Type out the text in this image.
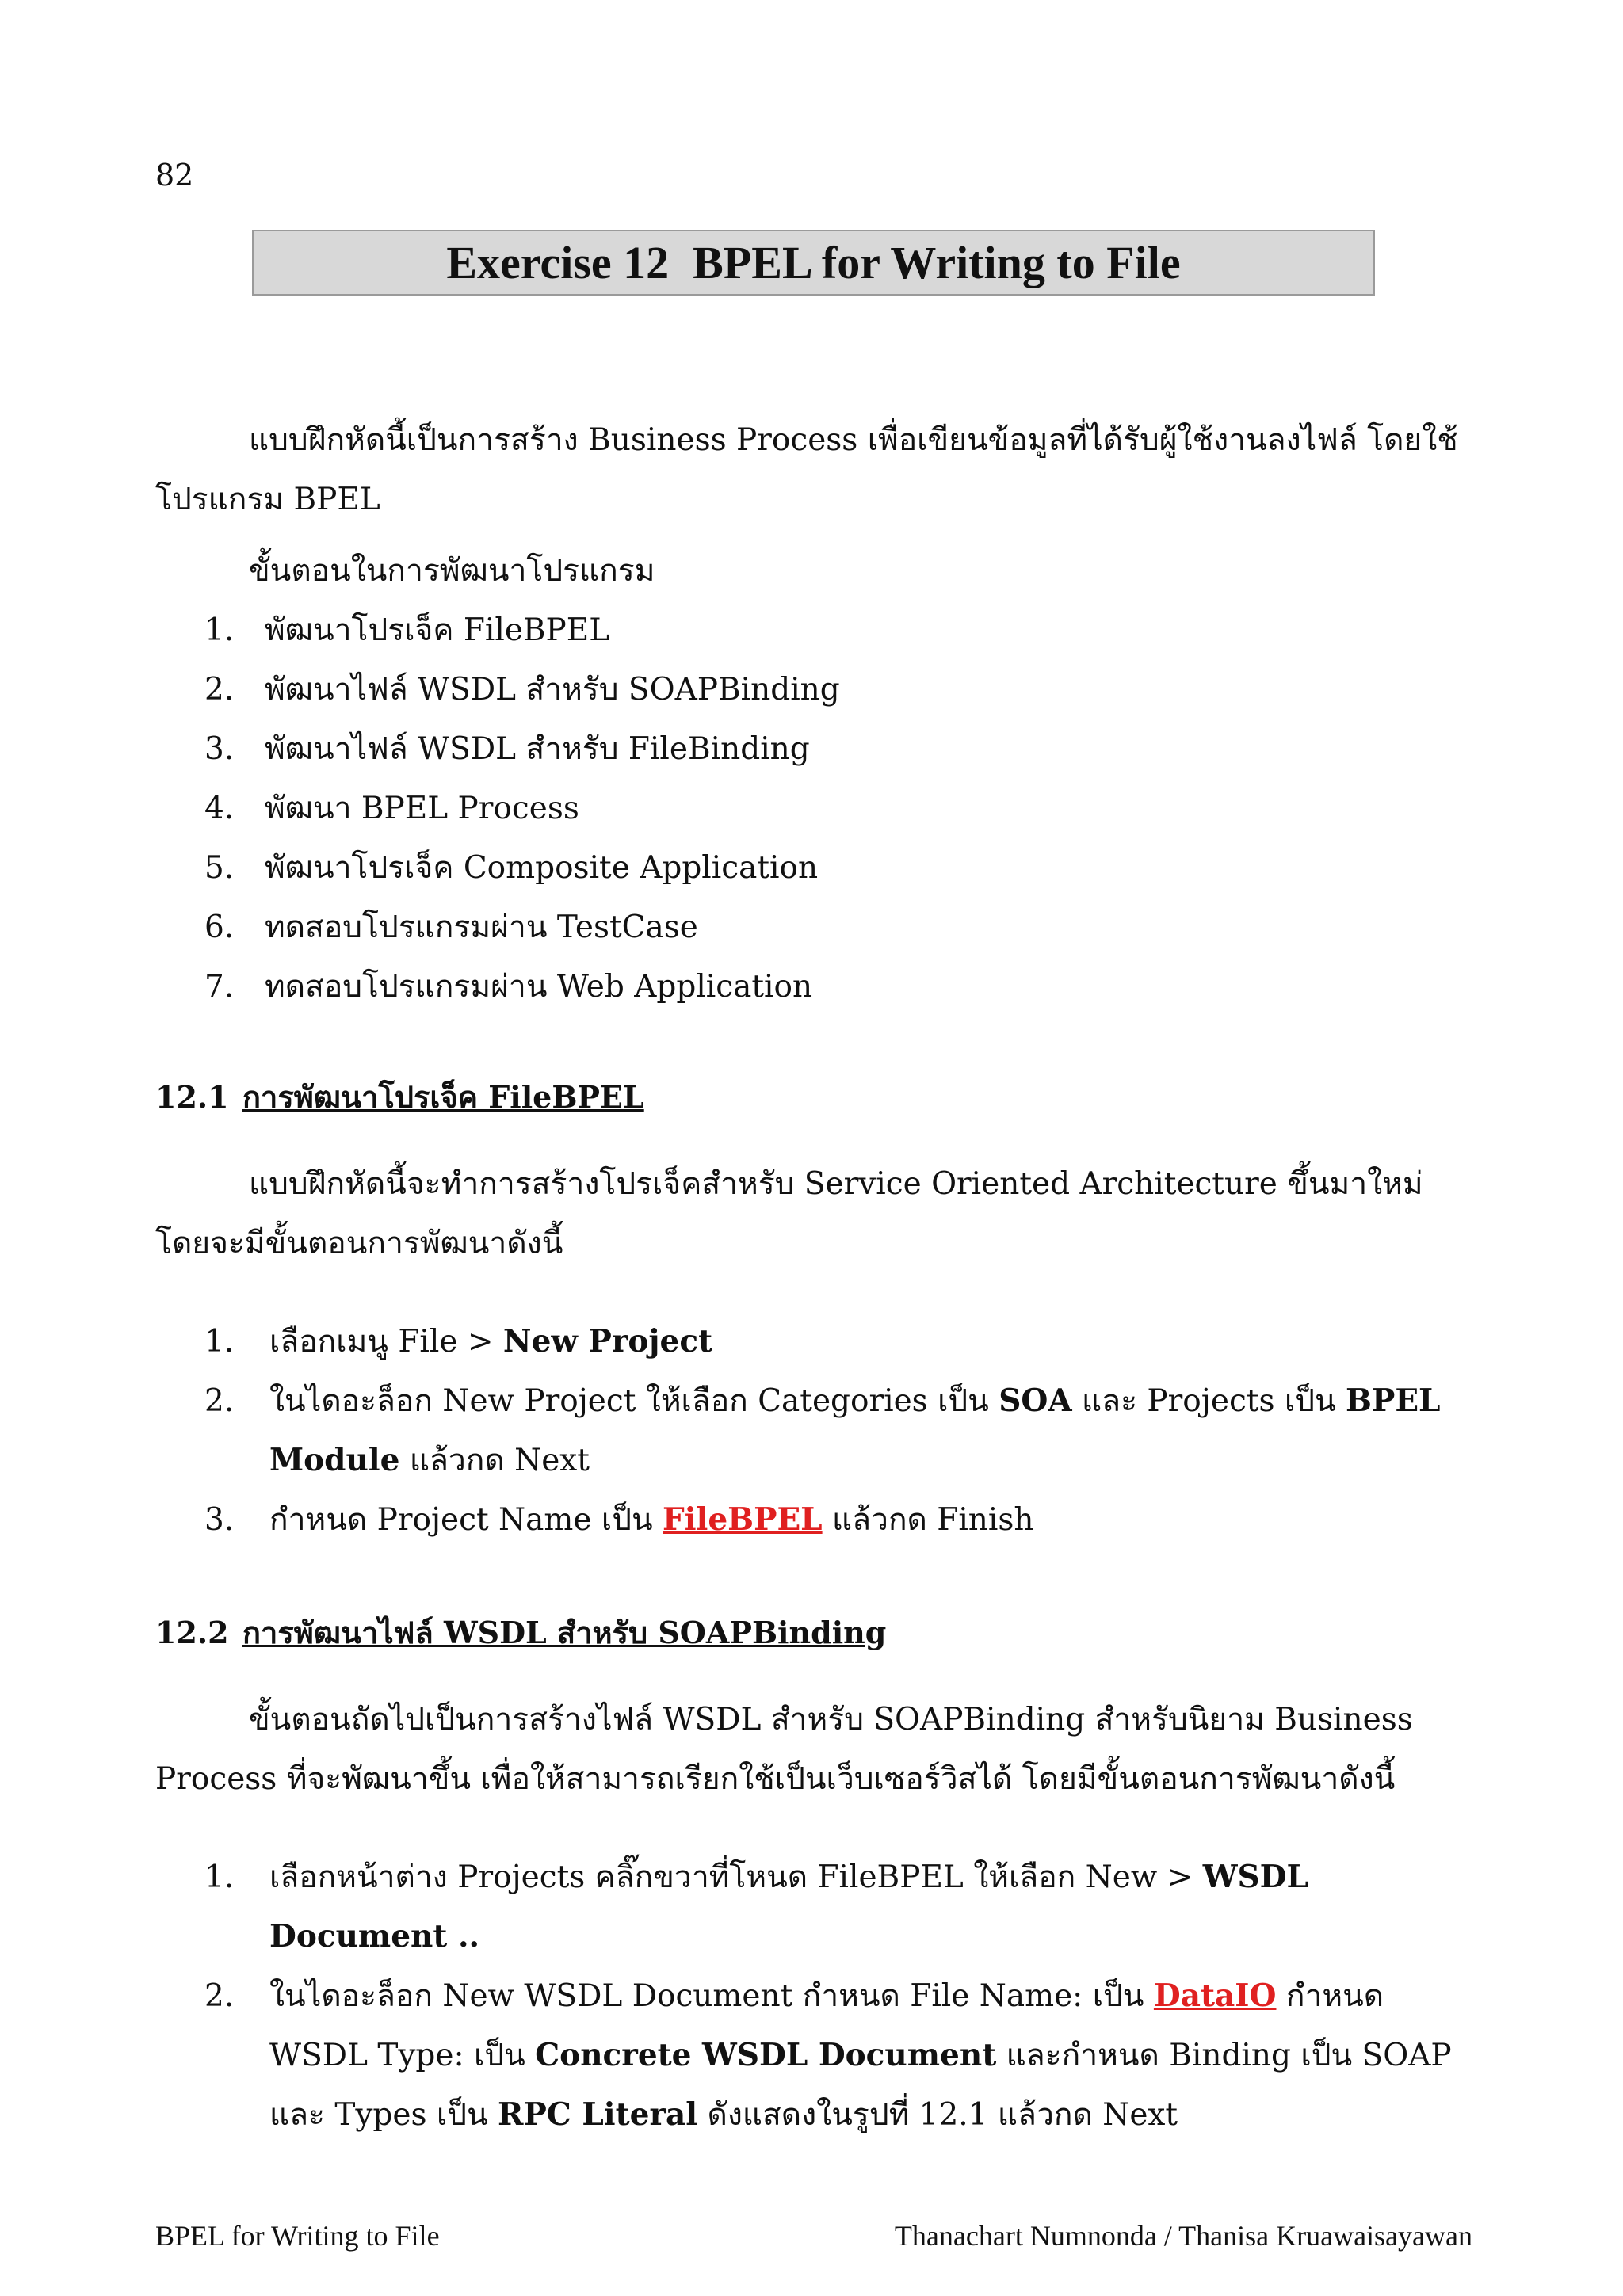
82
Exercise 12 BPEL for Writing to File
แบบฝึกหัดนี้เป็นการสร้าง Business Process เพื่อเขียนข้อมูลที่ได้รับผู้ใช้งานลงไฟล์ โดยใช้โปรแกรม BPEL
ขั้นตอนในการพัฒนาโปรแกรม
1. พัฒนาโปรเจ็ค FileBPEL
2. พัฒนาไฟล์ WSDL สำหรับ SOAPBinding
3. พัฒนาไฟล์ WSDL สำหรับ FileBinding
4. พัฒนา BPEL Process
5. พัฒนาโปรเจ็ค Composite Application
6. ทดสอบโปรแกรมผ่าน TestCase
7. ทดสอบโปรแกรมผ่าน Web Application
12.1 การพัฒนาโปรเจ็ค FileBPEL
แบบฝึกหัดนี้จะทำการสร้างโปรเจ็คสำหรับ Service Oriented Architecture ขึ้นมาใหม่ โดยจะมีขั้นตอนการพัฒนาดังนี้
1.	เลือกเมนู File > New Project
2.	ในไดอะล็อก New Project ให้เลือก Categories เป็น SOA และ Projects เป็น BPEL Module แล้วกด Next
3.	กำหนด Project Name เป็น FileBPEL แล้วกด Finish
12.2 การพัฒนาไฟล์ WSDL สำหรับ SOAPBinding
ขั้นตอนถัดไปเป็นการสร้างไฟล์ WSDL สำหรับ SOAPBinding สำหรับนิยาม Business Process ที่จะพัฒนาขึ้น เพื่อให้สามารถเรียกใช้เป็นเว็บเซอร์วิสได้ โดยมีขั้นตอนการพัฒนาดังนี้
1.	เลือกหน้าต่าง Projects คลิ๊กขวาที่โหนด FileBPEL ให้เลือก New > WSDL Document ..
2.	ในไดอะล็อก New WSDL Document กำหนด File Name: เป็น DataIO กำหนด WSDL Type: เป็น Concrete WSDL Document และกำหนด Binding เป็น SOAP และ Types เป็น RPC Literal ดังแสดงในรูปที่ 12.1 แล้วกด Next
BPEL for Writing to File	Thanachart Numnonda / Thanisa Kruawaisayawan
